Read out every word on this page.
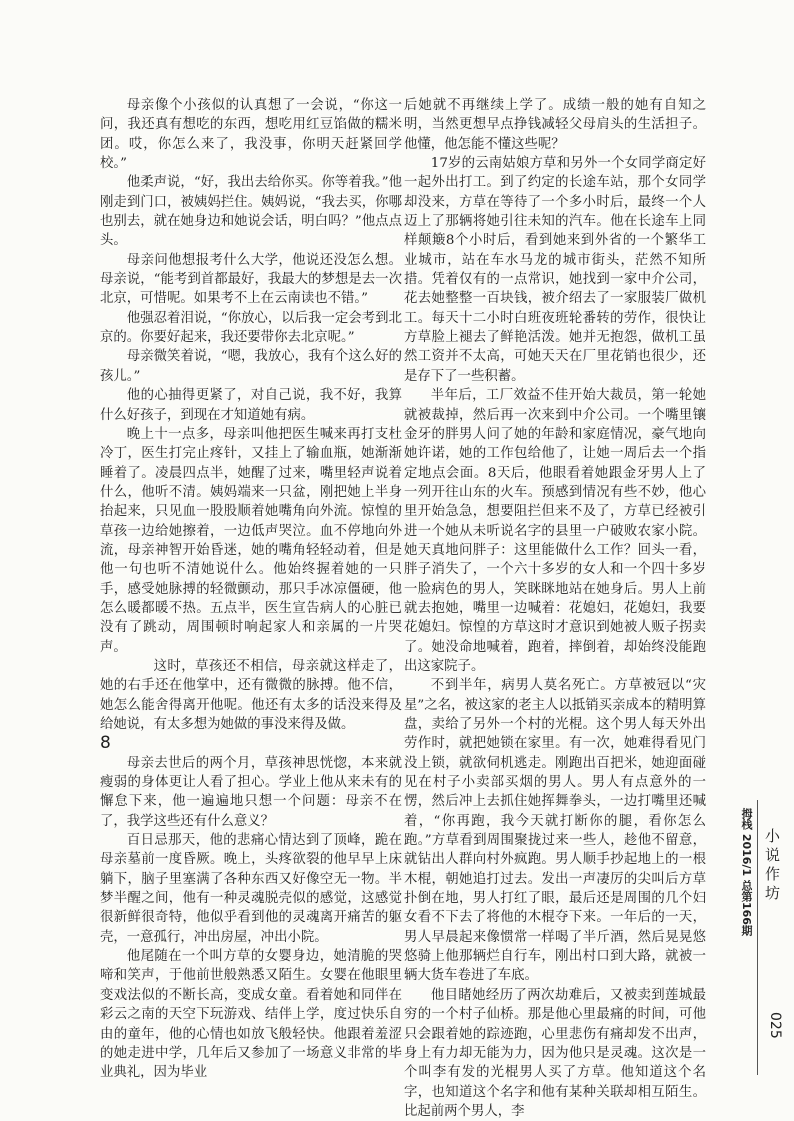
母亲像个小孩似的认真想了一会说，“你这一问，我还真有想吃的东西，想吃用红豆馅做的糯米团。哎，你怎么来了，我没事，你明天赶紧回学校。”

他柔声说，“好，我出去给你买。你等着我。”他刚走到门口，被姨妈拦住。姨妈说，“我去买，你哪也别去，就在她身边和她说会话，明白吗？”他点点头。

母亲问他想报考什么大学，他说还没怎么想。母亲说，“能考到首都最好，我最大的梦想是去一次北京，可惜呢。如果考不上在云南读也不错。”

他强忍着泪说，“你放心，以后我一定会考到北京的。你要好起来，我还要带你去北京呢。”

母亲微笑着说，“嗯，我放心，我有个这么好的孩儿。”

他的心抽得更紧了，对自己说，我不好，我算什么好孩子，到现在才知道她有病。

晚上十一点多，母亲叫他把医生喊来再打支杜冷丁，医生打完止疼针，又挂上了输血瓶，她渐渐睡着了。凌晨四点半，她醒了过来，嘴里轻声说着什么，他听不清。姨妈端来一只盆，刚把她上半身抬起来，只见血一股股顺着她嘴角向外流。惊惶的草孩一边给她擦着，一边低声哭泣。血不停地向外流，母亲神智开始昏迷，她的嘴角轻轻动着，但是他一句也听不清她说什么。他始终握着她的一只手，感受她脉搏的轻微颤动，那只手冰凉僵硬，他怎么暖都暖不热。五点半，医生宣告病人的心脏已没有了跳动，周围顿时响起家人和亲属的一片哭声。

这时，草孩还不相信，母亲就这样走了，她的右手还在他掌中，还有微微的脉搏。他不信，她怎么能舍得离开他呢。他还有太多的话没来得及给她说，有太多想为她做的事没来得及做。

8

母亲去世后的两个月，草孩神思恍惚，本来就瘦弱的身体更让人看了担心。学业上他从来未有的懈怠下来，他一遍遍地只想一个问题：母亲不在了，我学这些还有什么意义？

百日忌那天，他的悲痛心情达到了顶峰，跪在母亲墓前一度昏厥。晚上，头疼欲裂的他早早上床躺下，脑子里塞满了各种东西又好像空无一物。半梦半醒之间，他有一种灵魂脱壳似的感觉，这感觉很新鲜很奇特，他似乎看到他的灵魂离开痛苦的躯壳，一意孤行，冲出房屋，冲出小院。

他尾随在一个叫方草的女婴身边，她清脆的哭啼和笑声，于他前世般熟悉又陌生。女婴在他眼里变戏法似的不断长高，变成女童。看着她和同伴在彩云之南的天空下玩游戏、结伴上学，度过快乐自由的童年，他的心情也如放飞般轻快。他跟着羞涩的她走进中学，几年后又参加了一场意义非常的毕业典礼，因为毕业

后她就不再继续上学了。成绩一般的她有自知之明，当然更想早点挣钱减轻父母肩头的生活担子。他懂，他怎能不懂这些呢？

17岁的云南姑娘方草和另外一个女同学商定好一起外出打工。到了约定的长途车站，那个女同学却没来，方草在等待了一个多小时后，最终一个人迈上了那辆将她引往未知的汽车。他在长途车上同样颠簸8个小时后，看到她来到外省的一个繁华工业城市，站在车水马龙的城市街头，茫然不知所措。凭着仅有的一点常识，她找到一家中介公司，花去她整整一百块钱，被介绍去了一家服装厂做机工。每天十二小时白班夜班轮番转的劳作，很快让方草脸上褪去了鲜艳活泼。她并无抱怨，做机工虽然工资并不太高，可她天天在厂里花销也很少，还是存下了一些积蓄。

半年后，工厂效益不佳开始大裁员，第一轮她就被裁掉，然后再一次来到中介公司。一个嘴里镶金牙的胖男人问了她的年龄和家庭情况，豪气地向她许诺，她的工作包给他了，让她一周后去一个指定地点会面。8天后，他眼看着她跟金牙男人上了一列开往山东的火车。预感到情况有些不妙，他心里开始急急，想要阻拦但来不及了，方草已经被引进一个她从未听说名字的县里一户破败农家小院。她天真地问胖子：这里能做什么工作？回头一看，胖子消失了，一个六十多岁的女人和一个四十多岁一脸病色的男人，笑眯眯地站在她身后。男人上前就去抱她，嘴里一边喊着：花媳妇，花媳妇，我要花媳妇。惊惶的方草这时才意识到她被人贩子拐卖了。她没命地喊着，跑着，摔倒着，却始终没能跑出这家院子。

不到半年，病男人莫名死亡。方草被冠以“灾星”之名，被这家的老主人以抵销买亲成本的精明算盘，卖给了另外一个村的光棍。这个男人每天外出劳作时，就把她锁在家里。有一次，她难得看见门没上锁，就欲伺机逃走。刚跑出百把米，她迎面碰见在村子小卖部买烟的男人。男人有点意外的一愣，然后冲上去抓住她挥舞拳头，一边打嘴里还喊着，“你再跑，我今天就打断你的腿，看你怎么跑。”方草看到周围聚拢过来一些人，趁他不留意，就钻出人群向村外疯跑。男人顺手抄起地上的一根木棍，朝她追打过去。发出一声凄厉的尖叫后方草扑倒在地，男人打红了眼，最后还是周围的几个妇女看不下去了将他的木棍夺下来。一年后的一天，男人早晨起来像惯常一样喝了半斤酒，然后晃晃悠悠骑上他那辆烂自行车，刚出村口到大路，就被一辆大货车卷进了车底。

他目睹她经历了两次劫难后，又被卖到莲城最穷的一个村子仙桥。那是他心里最痛的时间，可他只会跟着她的踪迹跑，心里悲伤有痛却发不出声，身上有力却无能为力，因为他只是灵魂。这次是一个叫李有发的光棍男人买了方草。他知道这个名字，也知道这个名字和他有某种关联却相互陌生。比起前两个男人，李

拇栈 2016/1 总第166期 小说作坊
025
